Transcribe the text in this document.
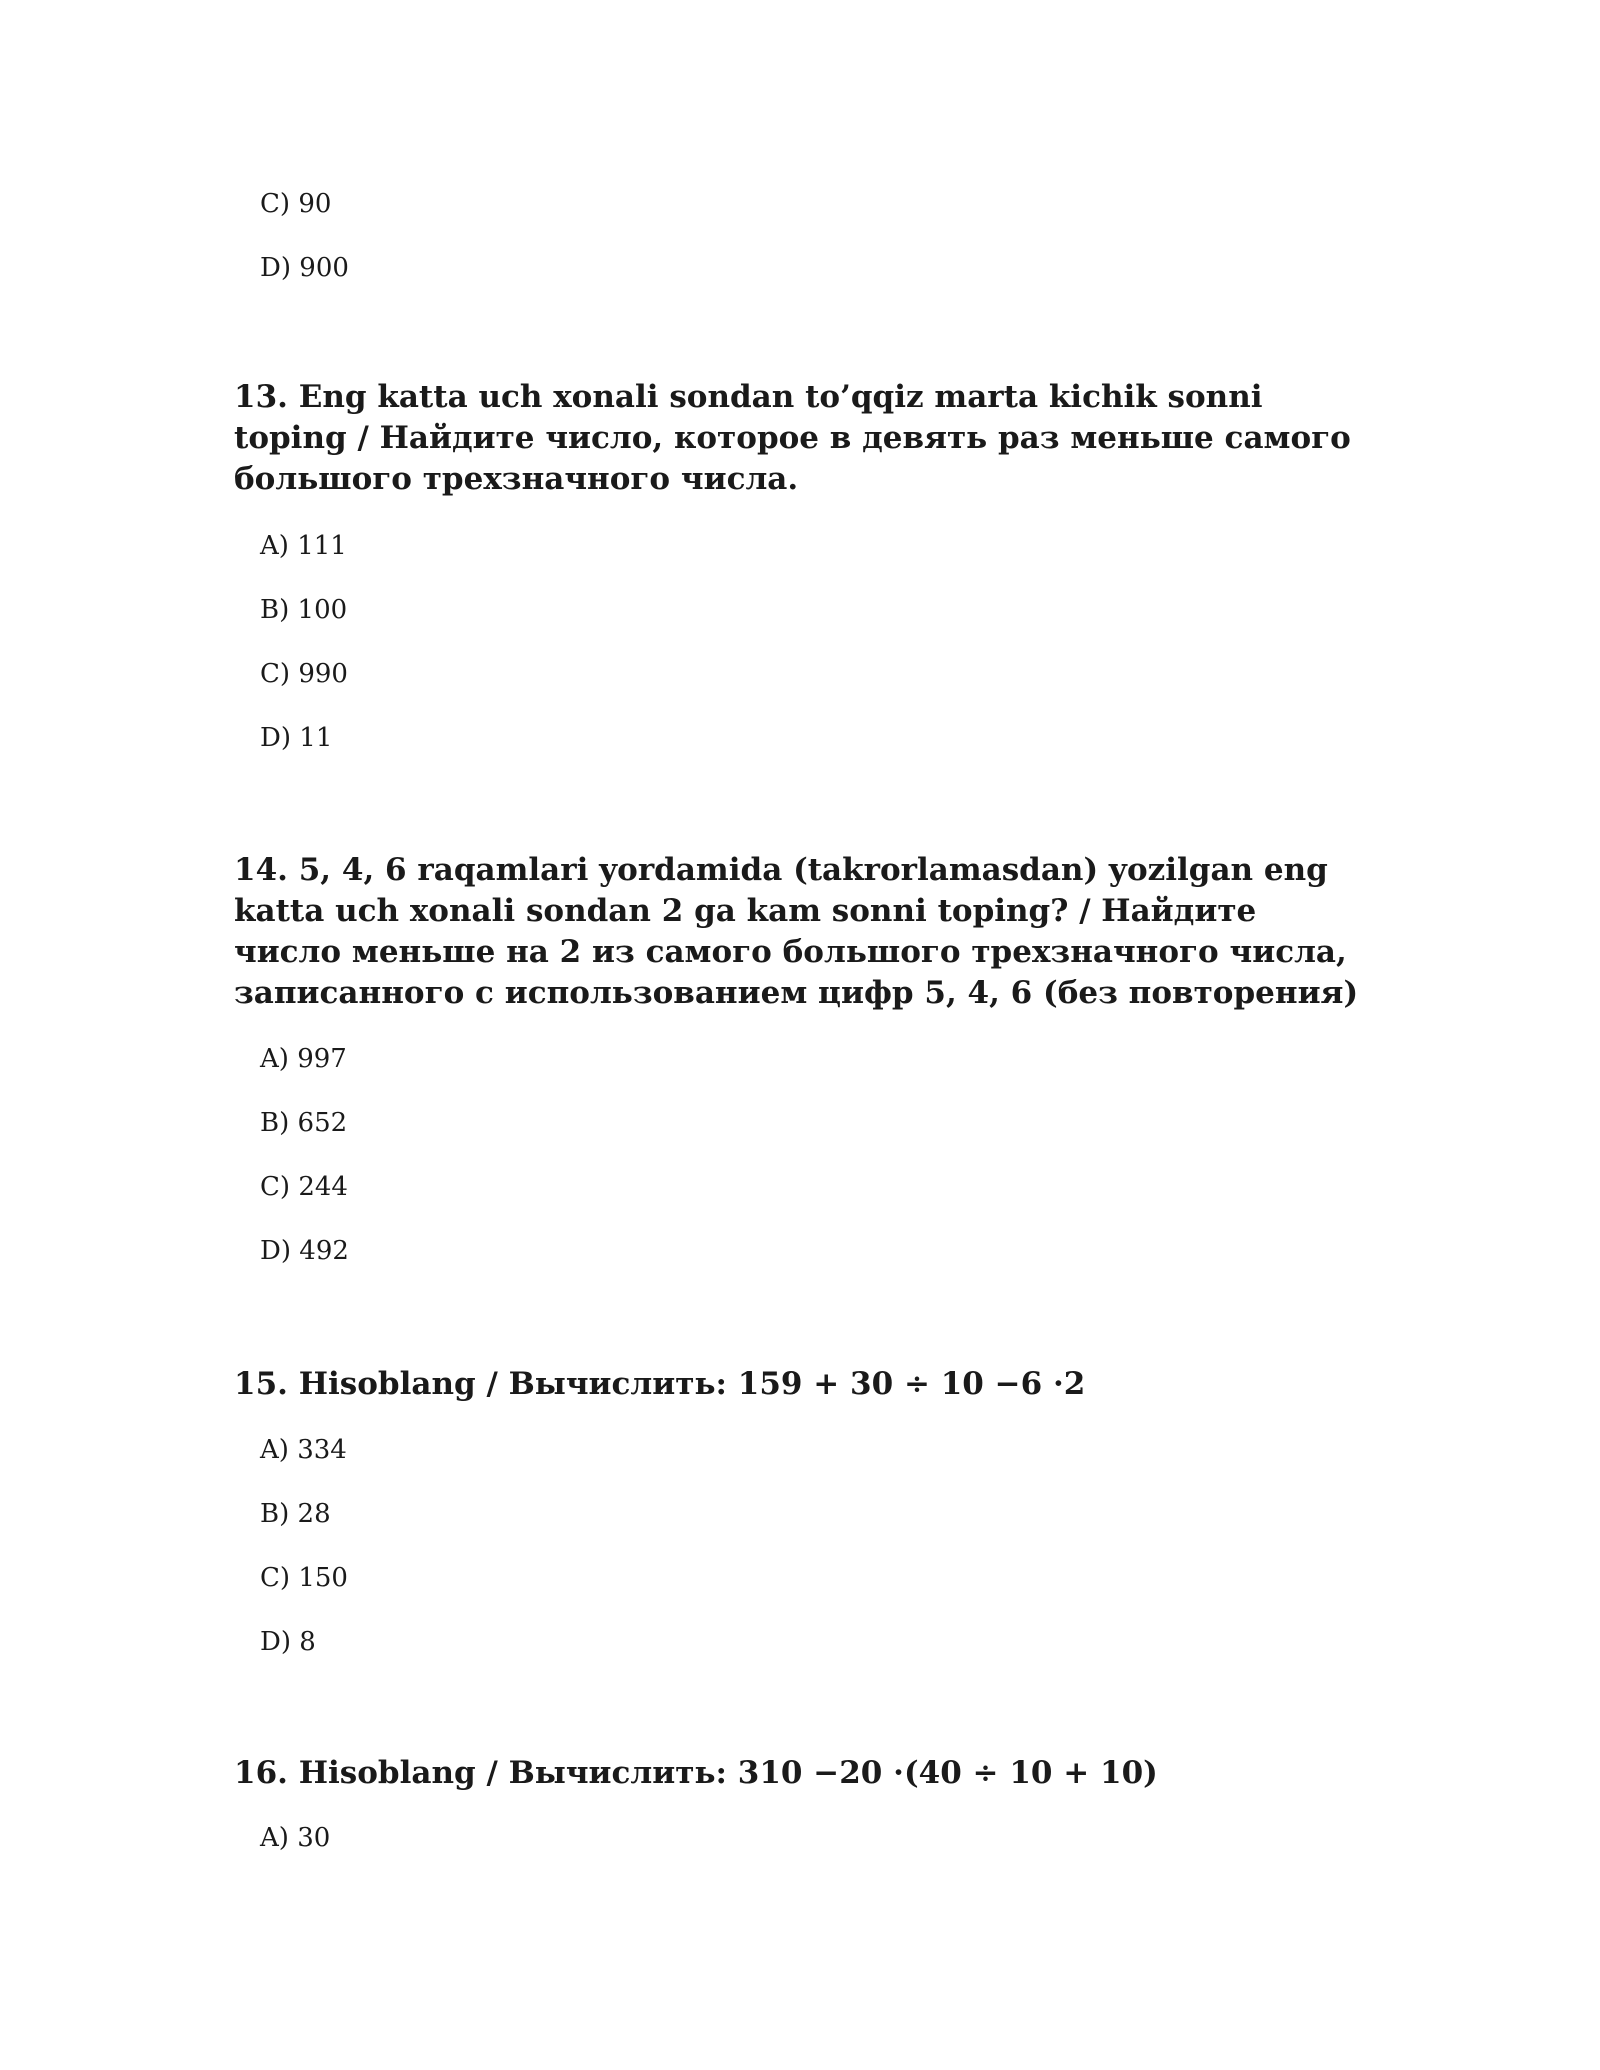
C) 90
D) 900
13. Eng katta uch xonali sondan to’qqiz marta kichik sonni toping / Найдите число, которое в девять раз меньше самого большого трехзначного числа.
A) 111
B) 100
C) 990
D) 11
14. 5, 4, 6 raqamlari yordamida (takrorlamasdan) yozilgan eng katta uch xonali sondan 2 ga kam sonni toping? / Найдите число меньше на 2 из самого большого трехзначного числа, записанного с использованием цифр 5, 4, 6 (без повторения)
A) 997
B) 652
C) 244
D) 492
15. Hisoblang / Вычислить: 159 + 30 ÷ 10 −6 ·2
A) 334
B) 28
C) 150
D) 8
16. Hisoblang / Вычислить: 310 −20 ·(40 ÷ 10 + 10)
A) 30
